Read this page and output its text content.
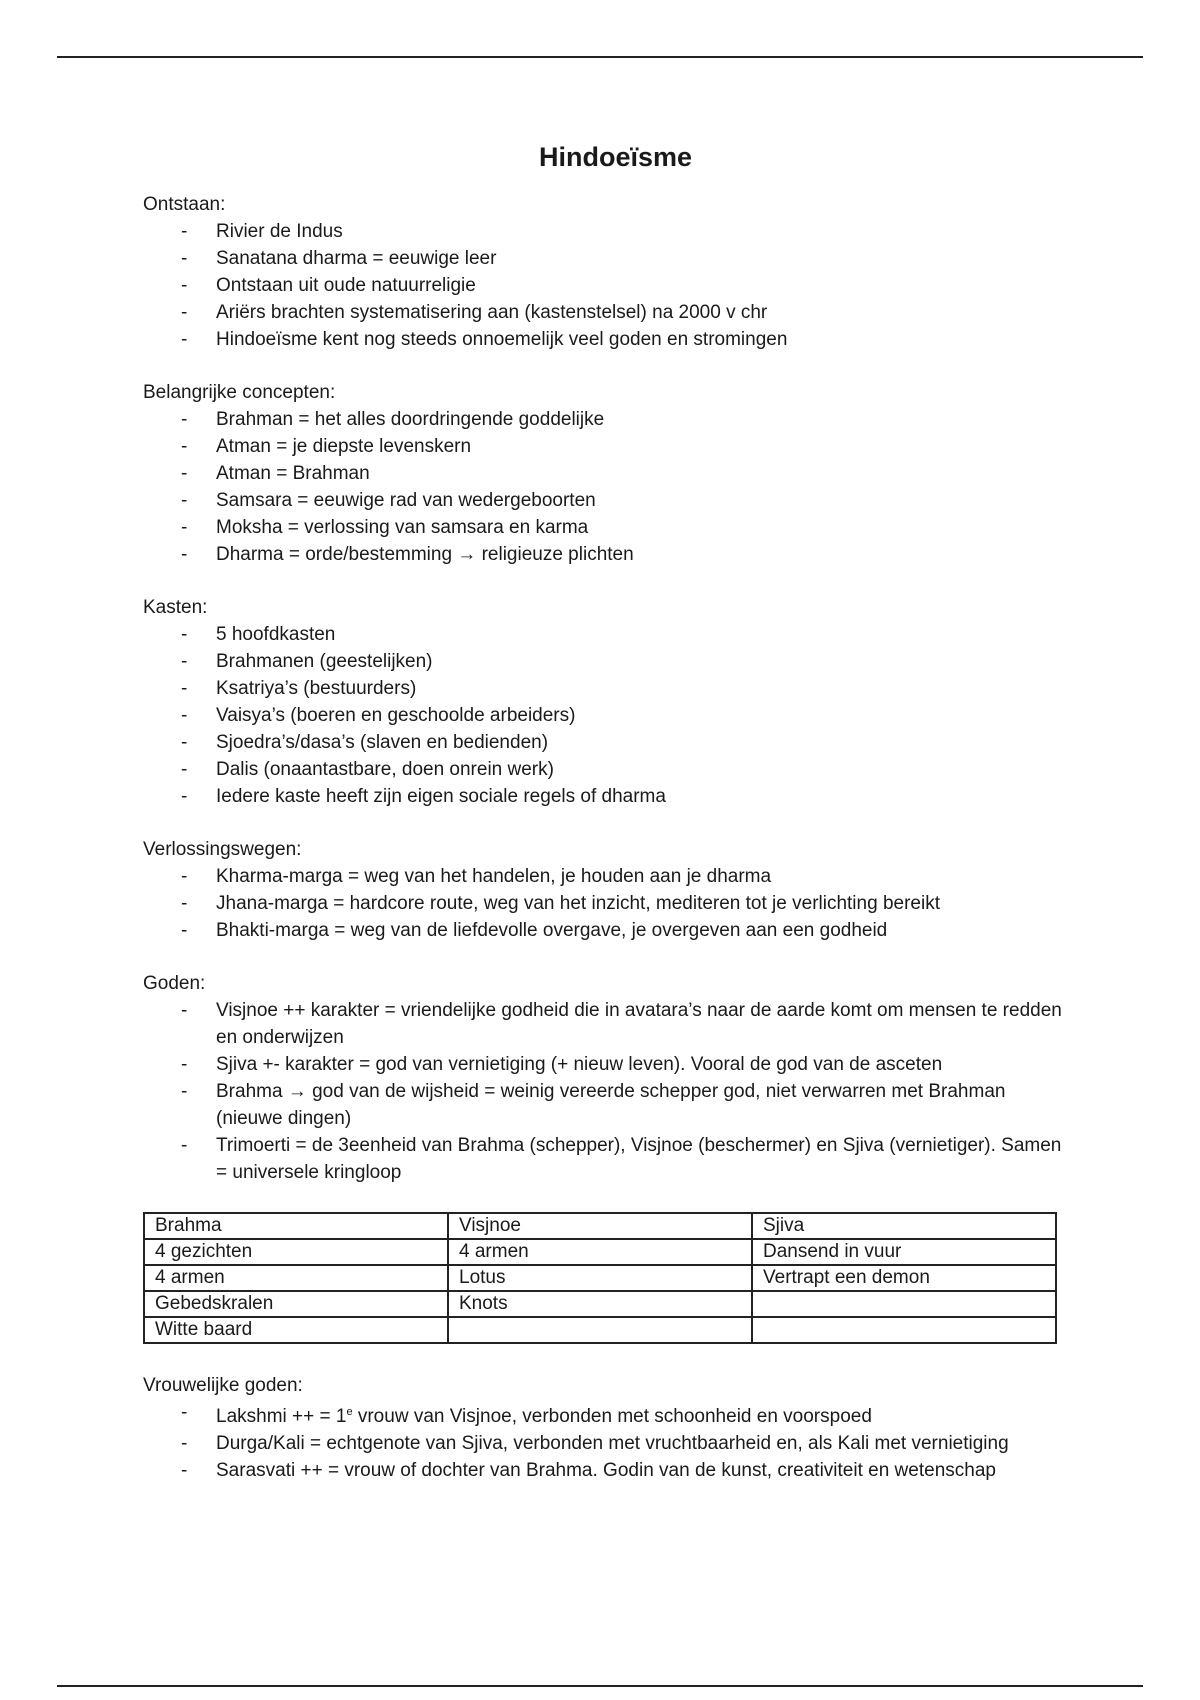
Hindoeïsme
Ontstaan:
- Rivier de Indus
- Sanatana dharma = eeuwige leer
- Ontstaan uit oude natuurreligie
- Ariërs brachten systematisering aan (kastenstelsel) na 2000 v chr
- Hindoeïsme kent nog steeds onnoemelijk veel goden en stromingen
Belangrijke concepten:
- Brahman = het alles doordringende goddelijke
- Atman = je diepste levenskern
- Atman = Brahman
- Samsara = eeuwige rad van wedergeboorten
- Moksha = verlossing van samsara en karma
- Dharma = orde/bestemming → religieuze plichten
Kasten:
- 5 hoofdkasten
- Brahmanen (geestelijken)
- Ksatriya’s (bestuurders)
- Vaisya’s (boeren en geschoolde arbeiders)
- Sjoedra’s/dasa’s (slaven en bedienden)
- Dalis (onaantastbare, doen onrein werk)
- Iedere kaste heeft zijn eigen sociale regels of dharma
Verlossingswegen:
- Kharma-marga = weg van het handelen, je houden aan je dharma
- Jhana-marga = hardcore route, weg van het inzicht, mediteren tot je verlichting bereikt
- Bhakti-marga = weg van de liefdevolle overgave, je overgeven aan een godheid
Goden:
- Visjnoe ++ karakter = vriendelijke godheid die in avatara’s naar de aarde komt om mensen te redden en onderwijzen
- Sjiva +- karakter = god van vernietiging (+ nieuw leven). Vooral de god van de asceten
- Brahma → god van de wijsheid = weinig vereerde schepper god, niet verwarren met Brahman (nieuwe dingen)
- Trimoerti = de 3eenheid van Brahma (schepper), Visjnoe (beschermer) en Sjiva (vernietiger). Samen = universele kringloop
Brahma	Visjnoe	Sjiva
4 gezichten	4 armen	Dansend in vuur
4 armen	Lotus	Vertrapt een demon
Gebedskralen	Knots	
Witte baard		
Vrouwelijke goden:
- Lakshmi ++ = $1^e$ vrouw van Visjnoe, verbonden met schoonheid en voorspoed
- Durga/Kali = echtgenote van Sjiva, verbonden met vruchtbaarheid en, als Kali met vernietiging
- Sarasvati ++ = vrouw of dochter van Brahma. Godin van de kunst, creativiteit en wetenschap
